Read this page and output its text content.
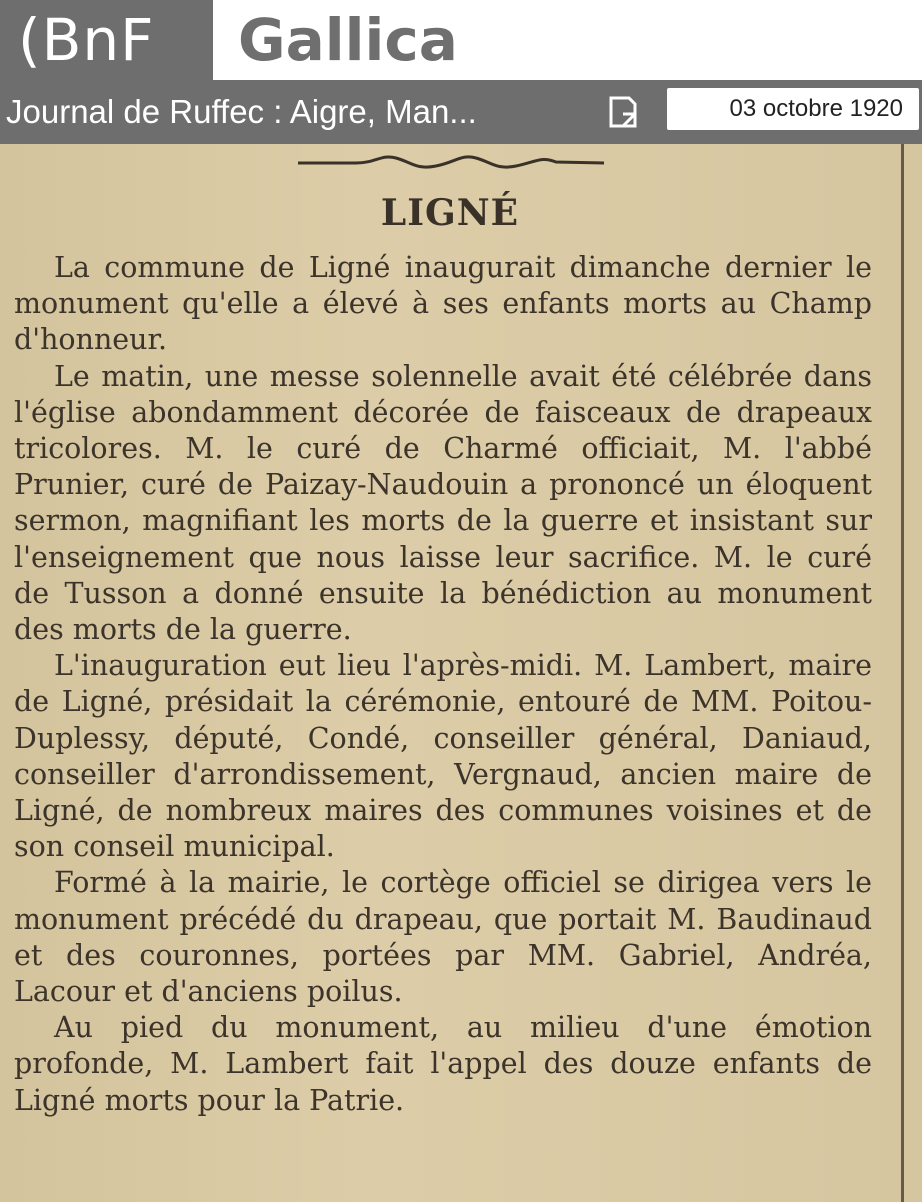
(BnF	Gallica
Journal de Ruffec : Aigre, Man...	03 octobre 1920
LIGNÉ

La commune de Ligné inaugurait dimanche dernier le monument qu'elle a élevé à ses enfants morts au Champ d'honneur.

Le matin, une messe solennelle avait été célébrée dans l'église abondamment décorée de faisceaux de drapeaux tricolores. M. le curé de Charmé officiait, M. l'abbé Prunier, curé de Paizay-Naudouin a prononcé un éloquent sermon, magnifiant les morts de la guerre et insistant sur l'enseignement que nous laisse leur sacrifice. M. le curé de Tusson a donné ensuite la bénédiction au monument des morts de la guerre.

L'inauguration eut lieu l'après-midi. M. Lambert, maire de Ligné, présidait la cérémonie, entouré de MM. Poitou-Duplessy, député, Condé, conseiller général, Daniaud, conseiller d'arrondissement, Vergnaud, ancien maire de Ligné, de nombreux maires des communes voisines et de son conseil municipal.

Formé à la mairie, le cortège officiel se dirigea vers le monument précédé du drapeau, que portait M. Baudinaud et des couronnes, portées par MM. Gabriel, Andréa, Lacour et d'anciens poilus.

Au pied du monument, au milieu d'une émotion profonde, M. Lambert fait l'appel des douze enfants de Ligné morts pour la Patrie.
